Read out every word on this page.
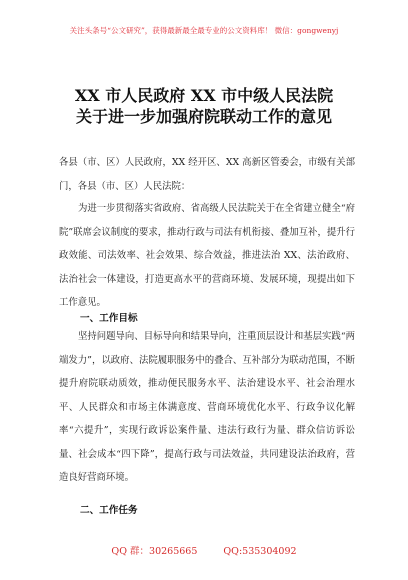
关注头条号“公文研究”，获得最新最全最专业的公文资料库！ 微信：gongwenyj
XX 市人民政府 XX 市中级人民法院
关于进一步加强府院联动工作的意见
各县（市、区）人民政府，XX 经开区、XX 高新区管委会，市级有关部门，各县（市、区）人民法院：
为进一步贯彻落实省政府、省高级人民法院关于在全省建立健全“府院”联席会议制度的要求，推动行政与司法有机衔接、叠加互补，提升行政效能、司法效率、社会效果、综合效益，推进法治 XX、法治政府、法治社会一体建设，打造更高水平的营商环境、发展环境，现提出如下工作意见。
一、工作目标
坚持问题导向、目标导向和结果导向，注重顶层设计和基层实践“两端发力”，以政府、法院履职服务中的叠合、互补部分为联动范围，不断提升府院联动质效，推动便民服务水平、法治建设水平、社会治理水平、人民群众和市场主体满意度、营商环境优化水平、行政争议化解率“六提升”，实现行政诉讼案件量、违法行政行为量、群众信访诉讼量、社会成本“四下降”，提高行政与司法效益，共同建设法治政府，营造良好营商环境。
二、工作任务
QQ 群：30265665	QQ:535304092
